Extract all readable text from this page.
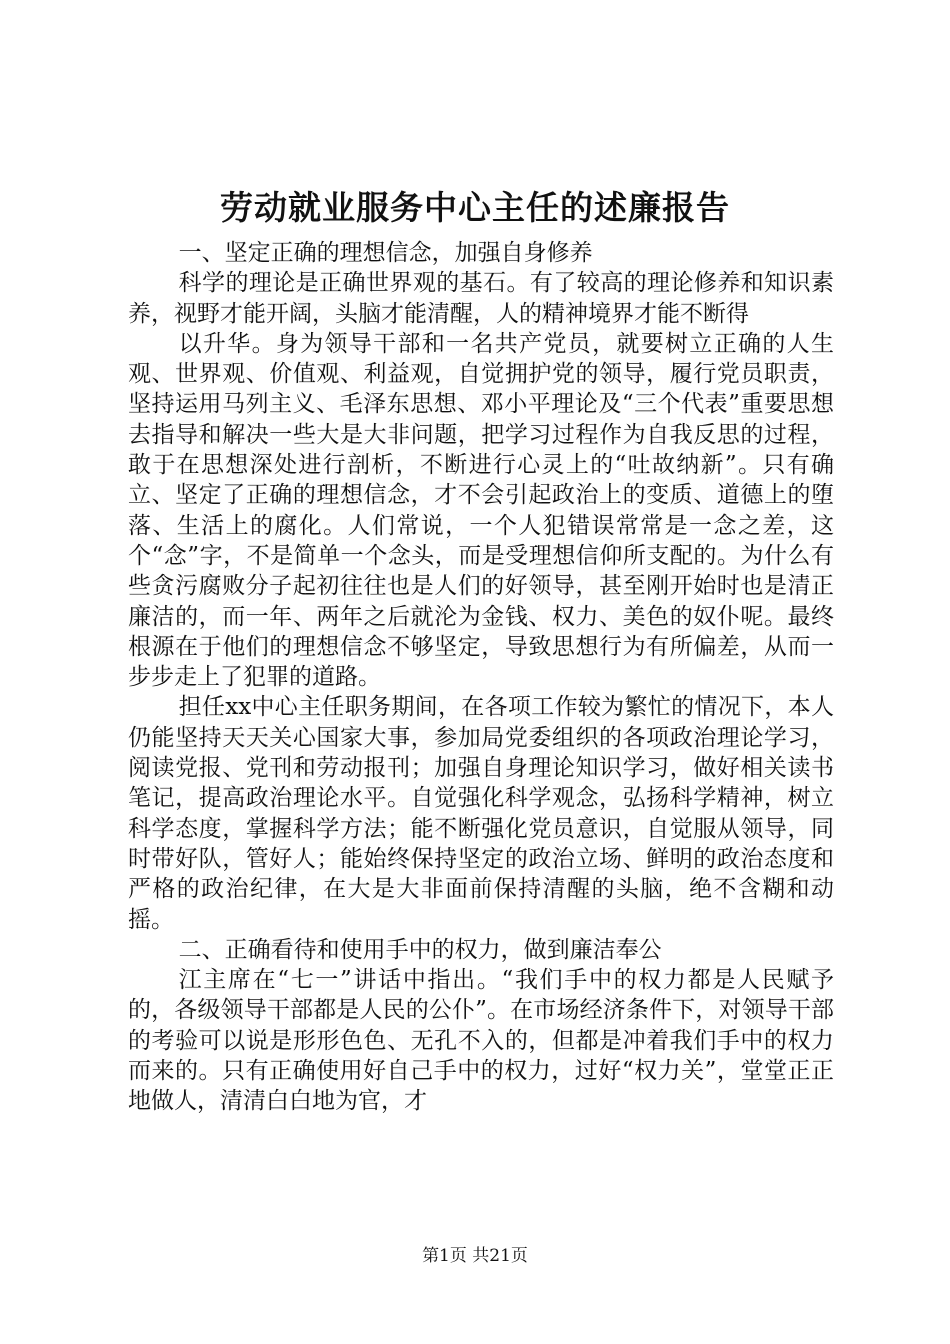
劳动就业服务中心主任的述廉报告

一、坚定正确的理想信念，加强自身修养

科学的理论是正确世界观的基石。有了较高的理论修养和知识素养，视野才能开阔，头脑才能清醒，人的精神境界才能不断得

以升华。身为领导干部和一名共产党员，就要树立正确的人生观、世界观、价值观、利益观，自觉拥护党的领导，履行党员职责，坚持运用马列主义、毛泽东思想、邓小平理论及“三个代表”重要思想去指导和解决一些大是大非问题，把学习过程作为自我反思的过程，敢于在思想深处进行剖析，不断进行心灵上的“吐故纳新”。只有确立、坚定了正确的理想信念，才不会引起政治上的变质、道德上的堕落、生活上的腐化。人们常说，一个人犯错误常常是一念之差，这个“念”字，不是简单一个念头，而是受理想信仰所支配的。为什么有些贪污腐败分子起初往往也是人们的好领导，甚至刚开始时也是清正廉洁的，而一年、两年之后就沦为金钱、权力、美色的奴仆呢。最终根源在于他们的理想信念不够坚定，导致思想行为有所偏差，从而一步步走上了犯罪的道路。

担任xx中心主任职务期间，在各项工作较为繁忙的情况下，本人仍能坚持天天关心国家大事，参加局党委组织的各项政治理论学习，阅读党报、党刊和劳动报刊；加强自身理论知识学习，做好相关读书笔记，提高政治理论水平。自觉强化科学观念，弘扬科学精神，树立科学态度，掌握科学方法；能不断强化党员意识，自觉服从领导，同时带好队，管好人；能始终保持坚定的政治立场、鲜明的政治态度和严格的政治纪律，在大是大非面前保持清醒的头脑，绝不含糊和动摇。

二、正确看待和使用手中的权力，做到廉洁奉公

江主席在“七一”讲话中指出。“我们手中的权力都是人民赋予的，各级领导干部都是人民的公仆”。在市场经济条件下，对领导干部的考验可以说是形形色色、无孔不入的，但都是冲着我们手中的权力而来的。只有正确使用好自己手中的权力，过好“权力关”，堂堂正正地做人，清清白白地为官，才

第1页 共21页
